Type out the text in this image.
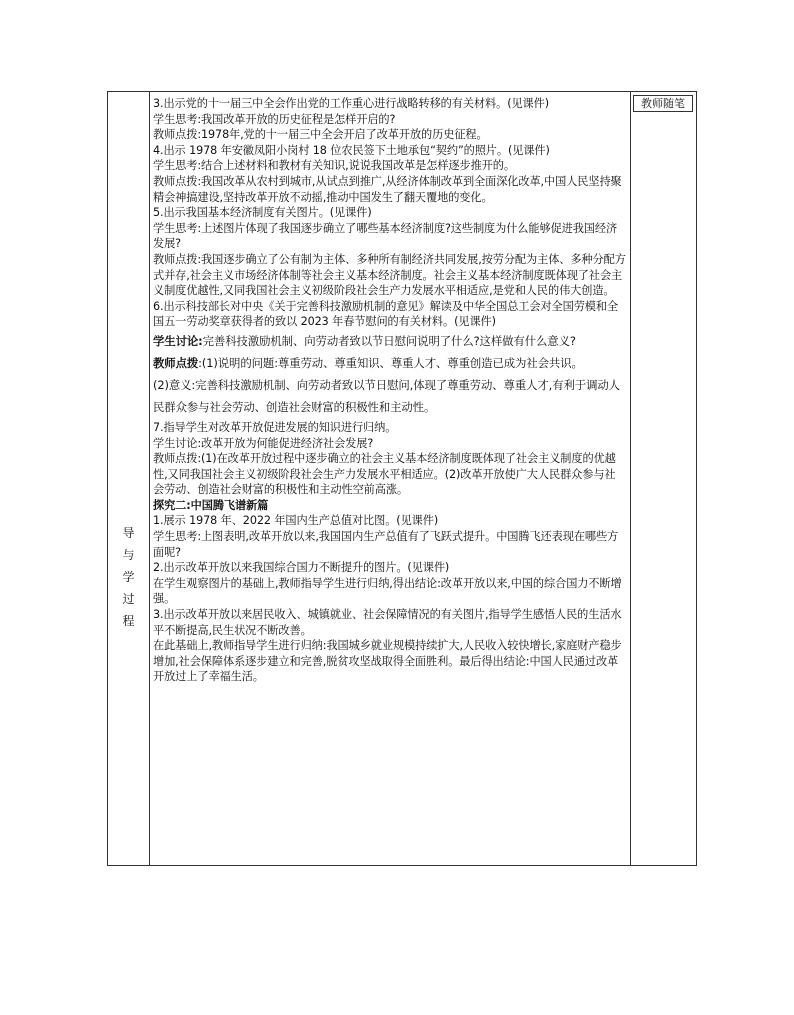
导
与
学
过
程
教师随笔

3.出示党的十一届三中全会作出党的工作重心进行战略转移的有关材料。(见课件)

学生思考:我国改革开放的历史征程是怎样开启的?

教师点拨:1978年,党的十一届三中全会开启了改革开放的历史征程。

4.出示 1978 年安徽凤阳小岗村 18 位农民签下土地承包“契约”的照片。(见课件)

学生思考:结合上述材料和教材有关知识,说说我国改革是怎样逐步推开的。

教师点拨:我国改革从农村到城市,从试点到推广,从经济体制改革到全面深化改革,中国人民坚持聚精会神搞建设,坚持改革开放不动摇,推动中国发生了翻天覆地的变化。

5.出示我国基本经济制度有关图片。(见课件)

学生思考:上述图片体现了我国逐步确立了哪些基本经济制度?这些制度为什么能够促进我国经济发展?

教师点拨:我国逐步确立了公有制为主体、多种所有制经济共同发展,按劳分配为主体、多种分配方式并存,社会主义市场经济体制等社会主义基本经济制度。社会主义基本经济制度既体现了社会主义制度优越性,又同我国社会主义初级阶段社会生产力发展水平相适应,是党和人民的伟大创造。

6.出示科技部长对中央《关于完善科技激励机制的意见》解读及中华全国总工会对全国劳模和全国五一劳动奖章获得者的致以 2023 年春节慰问的有关材料。(见课件)

学生讨论:完善科技激励机制、向劳动者致以节日慰问说明了什么?这样做有什么意义?

教师点拨:(1)说明的问题:尊重劳动、尊重知识、尊重人才、尊重创造已成为社会共识。

(2)意义:完善科技激励机制、向劳动者致以节日慰问,体现了尊重劳动、尊重人才,有利于调动人民群众参与社会劳动、创造社会财富的积极性和主动性。

7.指导学生对改革开放促进发展的知识进行归纳。

学生讨论:改革开放为何能促进经济社会发展?

教师点拨:(1)在改革开放过程中逐步确立的社会主义基本经济制度既体现了社会主义制度的优越性,又同我国社会主义初级阶段社会生产力发展水平相适应。(2)改革开放使广大人民群众参与社会劳动、创造社会财富的积极性和主动性空前高涨。

探究二:中国腾飞谱新篇

1.展示 1978 年、2022 年国内生产总值对比图。(见课件)

学生思考:上图表明,改革开放以来,我国国内生产总值有了飞跃式提升。中国腾飞还表现在哪些方面呢?

2.出示改革开放以来我国综合国力不断提升的图片。(见课件)

在学生观察图片的基础上,教师指导学生进行归纳,得出结论:改革开放以来,中国的综合国力不断增强。

3.出示改革开放以来居民收入、城镇就业、社会保障情况的有关图片,指导学生感悟人民的生活水平不断提高,民生状况不断改善。

在此基础上,教师指导学生进行归纳:我国城乡就业规模持续扩大,人民收入较快增长,家庭财产稳步增加,社会保障体系逐步建立和完善,脱贫攻坚战取得全面胜利。最后得出结论:中国人民通过改革开放过上了幸福生活。
